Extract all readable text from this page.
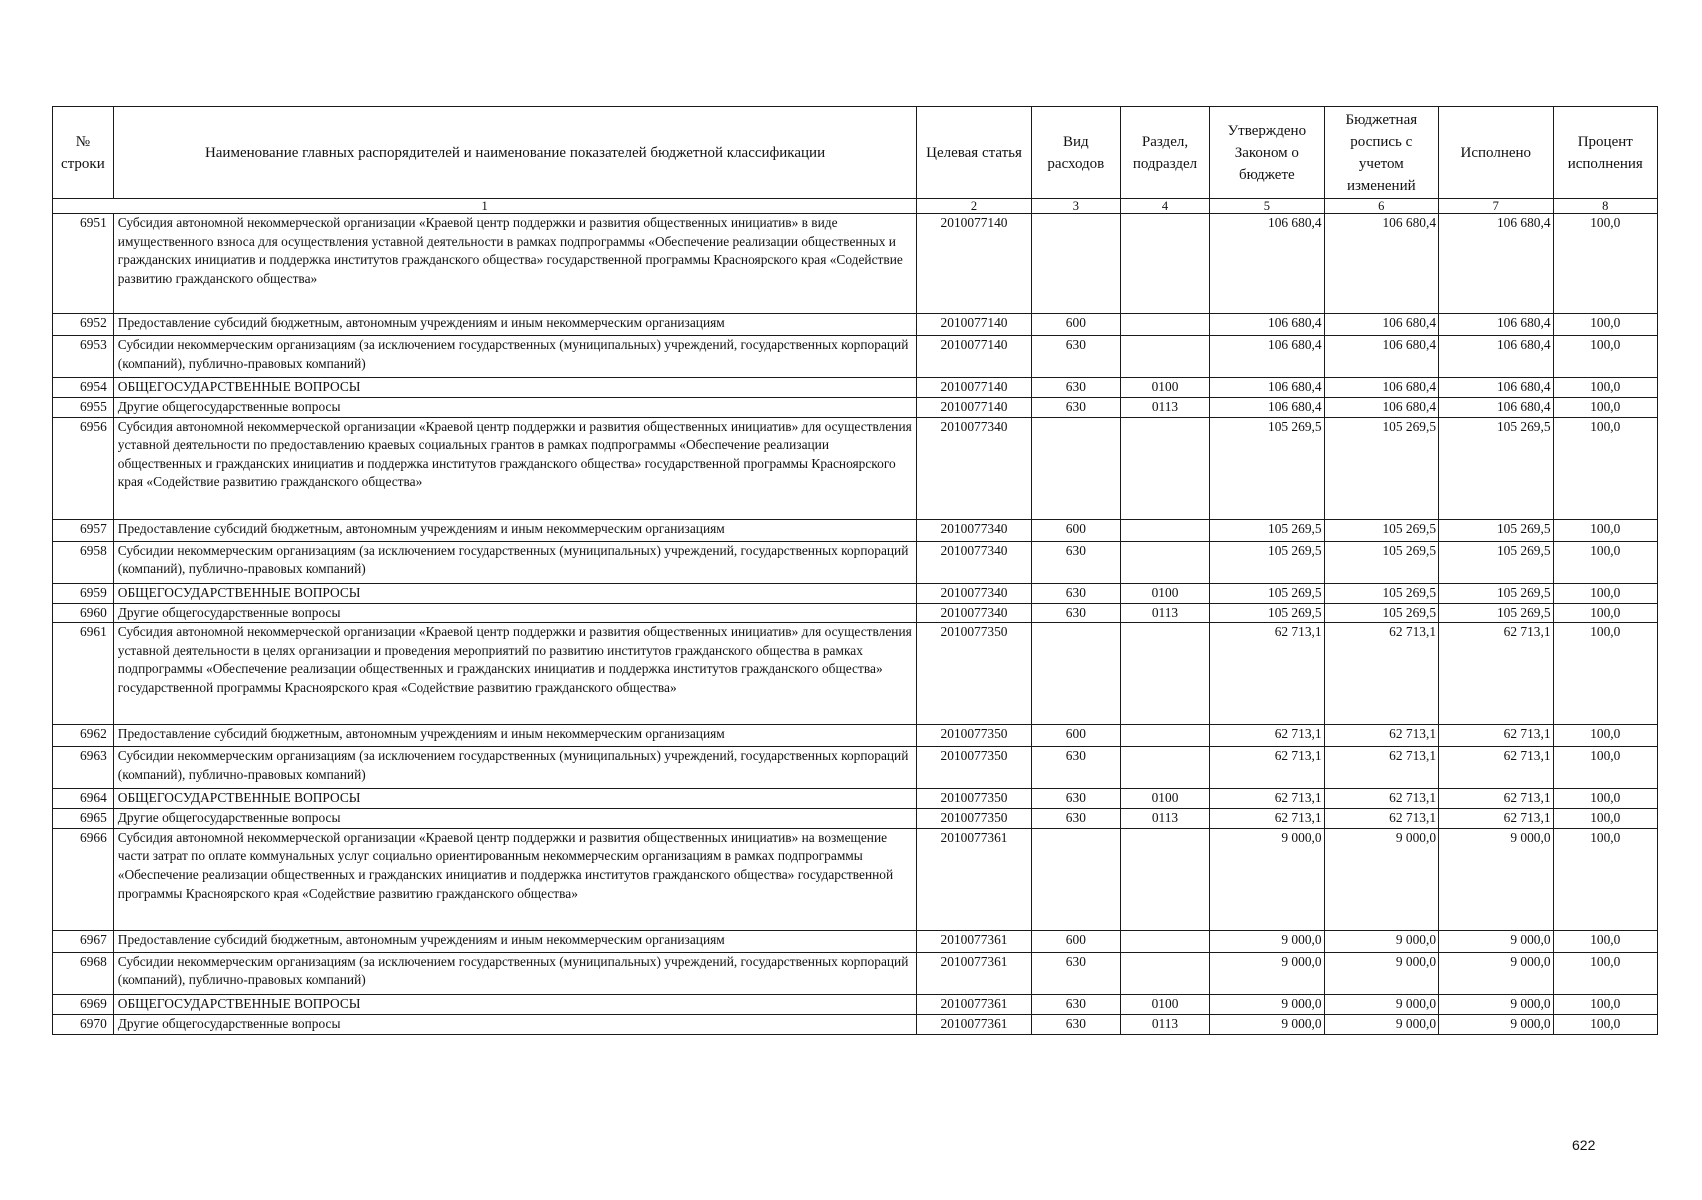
№ строки	Наименование главных распорядителей и наименование показателей бюджетной классификации	Целевая статья	Вид расходов	Раздел, подраздел	Утверждено Законом о бюджете	Бюджетная роспись с учетом изменений	Исполнено	Процент исполнения
1		2	3	4	5	6	7	8
6951	Субсидия автономной некоммерческой организации «Краевой центр поддержки и развития общественных инициатив» в виде имущественного взноса для осуществления уставной деятельности в рамках подпрограммы «Обеспечение реализации общественных и гражданских инициатив и поддержка институтов гражданского общества» государственной программы Красноярского края «Содействие развитию гражданского общества»	2010077140			106 680,4	106 680,4	106 680,4	100,0
6952	Предоставление субсидий бюджетным, автономным учреждениям и иным некоммерческим организациям	2010077140	600		106 680,4	106 680,4	106 680,4	100,0
6953	Субсидии некоммерческим организациям (за исключением государственных (муниципальных) учреждений, государственных корпораций (компаний), публично-правовых компаний)	2010077140	630		106 680,4	106 680,4	106 680,4	100,0
6954	ОБЩЕГОСУДАРСТВЕННЫЕ ВОПРОСЫ	2010077140	630	0100	106 680,4	106 680,4	106 680,4	100,0
6955	Другие общегосударственные вопросы	2010077140	630	0113	106 680,4	106 680,4	106 680,4	100,0
6956	Субсидия автономной некоммерческой организации «Краевой центр поддержки и развития общественных инициатив» для осуществления уставной деятельности по предоставлению краевых социальных грантов в рамках подпрограммы «Обеспечение реализации общественных и гражданских инициатив и поддержка институтов гражданского общества» государственной программы Красноярского края «Содействие развитию гражданского общества»	2010077340			105 269,5	105 269,5	105 269,5	100,0
6957	Предоставление субсидий бюджетным, автономным учреждениям и иным некоммерческим организациям	2010077340	600		105 269,5	105 269,5	105 269,5	100,0
6958	Субсидии некоммерческим организациям (за исключением государственных (муниципальных) учреждений, государственных корпораций (компаний), публично-правовых компаний)	2010077340	630		105 269,5	105 269,5	105 269,5	100,0
6959	ОБЩЕГОСУДАРСТВЕННЫЕ ВОПРОСЫ	2010077340	630	0100	105 269,5	105 269,5	105 269,5	100,0
6960	Другие общегосударственные вопросы	2010077340	630	0113	105 269,5	105 269,5	105 269,5	100,0
6961	Субсидия автономной некоммерческой организации «Краевой центр поддержки и развития общественных инициатив» для осуществления уставной деятельности в целях организации и проведения мероприятий по развитию институтов гражданского общества в рамках подпрограммы «Обеспечение реализации общественных и гражданских инициатив и поддержка институтов гражданского общества» государственной программы Красноярского края «Содействие развитию гражданского общества»	2010077350			62 713,1	62 713,1	62 713,1	100,0
6962	Предоставление субсидий бюджетным, автономным учреждениям и иным некоммерческим организациям	2010077350	600		62 713,1	62 713,1	62 713,1	100,0
6963	Субсидии некоммерческим организациям (за исключением государственных (муниципальных) учреждений, государственных корпораций (компаний), публично-правовых компаний)	2010077350	630		62 713,1	62 713,1	62 713,1	100,0
6964	ОБЩЕГОСУДАРСТВЕННЫЕ ВОПРОСЫ	2010077350	630	0100	62 713,1	62 713,1	62 713,1	100,0
6965	Другие общегосударственные вопросы	2010077350	630	0113	62 713,1	62 713,1	62 713,1	100,0
6966	Субсидия автономной некоммерческой организации «Краевой центр поддержки и развития общественных инициатив» на возмещение части затрат по оплате коммунальных услуг социально ориентированным некоммерческим организациям в рамках подпрограммы «Обеспечение реализации общественных и гражданских инициатив и поддержка институтов гражданского общества» государственной программы Красноярского края «Содействие развитию гражданского общества»	2010077361			9 000,0	9 000,0	9 000,0	100,0
6967	Предоставление субсидий бюджетным, автономным учреждениям и иным некоммерческим организациям	2010077361	600		9 000,0	9 000,0	9 000,0	100,0
6968	Субсидии некоммерческим организациям (за исключением государственных (муниципальных) учреждений, государственных корпораций (компаний), публично-правовых компаний)	2010077361	630		9 000,0	9 000,0	9 000,0	100,0
6969	ОБЩЕГОСУДАРСТВЕННЫЕ ВОПРОСЫ	2010077361	630	0100	9 000,0	9 000,0	9 000,0	100,0
6970	Другие общегосударственные вопросы	2010077361	630	0113	9 000,0	9 000,0	9 000,0	100,0
622
